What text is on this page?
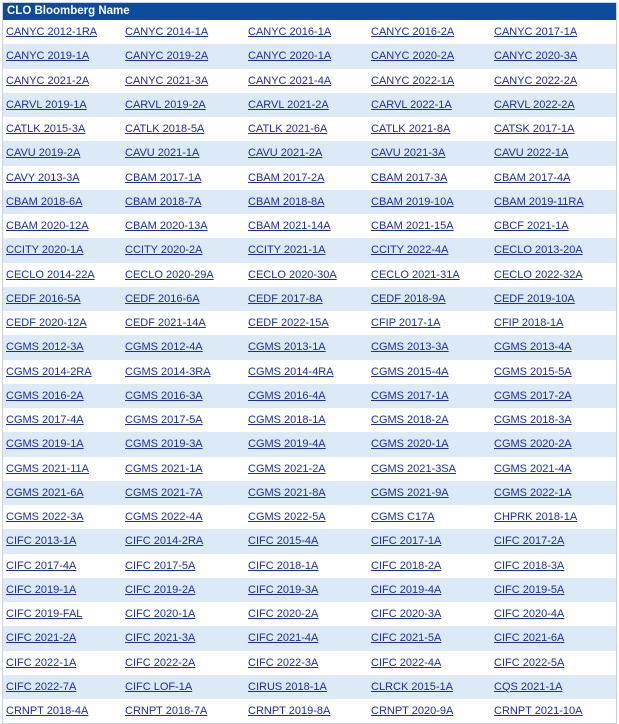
CLO Bloomberg Name
CANYC 2012-1RA	CANYC 2014-1A	CANYC 2016-1A	CANYC 2016-2A	CANYC 2017-1A
CANYC 2019-1A	CANYC 2019-2A	CANYC 2020-1A	CANYC 2020-2A	CANYC 2020-3A
CANYC 2021-2A	CANYC 2021-3A	CANYC 2021-4A	CANYC 2022-1A	CANYC 2022-2A
CARVL 2019-1A	CARVL 2019-2A	CARVL 2021-2A	CARVL 2022-1A	CARVL 2022-2A
CATLK 2015-3A	CATLK 2018-5A	CATLK 2021-6A	CATLK 2021-8A	CATSK 2017-1A
CAVU 2019-2A	CAVU 2021-1A	CAVU 2021-2A	CAVU 2021-3A	CAVU 2022-1A
CAVY 2013-3A	CBAM 2017-1A	CBAM 2017-2A	CBAM 2017-3A	CBAM 2017-4A
CBAM 2018-6A	CBAM 2018-7A	CBAM 2018-8A	CBAM 2019-10A	CBAM 2019-11RA
CBAM 2020-12A	CBAM 2020-13A	CBAM 2021-14A	CBAM 2021-15A	CBCF 2021-1A
CCITY 2020-1A	CCITY 2020-2A	CCITY 2021-1A	CCITY 2022-4A	CECLO 2013-20A
CECLO 2014-22A	CECLO 2020-29A	CECLO 2020-30A	CECLO 2021-31A	CECLO 2022-32A
CEDF 2016-5A	CEDF 2016-6A	CEDF 2017-8A	CEDF 2018-9A	CEDF 2019-10A
CEDF 2020-12A	CEDF 2021-14A	CEDF 2022-15A	CFIP 2017-1A	CFIP 2018-1A
CGMS 2012-3A	CGMS 2012-4A	CGMS 2013-1A	CGMS 2013-3A	CGMS 2013-4A
CGMS 2014-2RA	CGMS 2014-3RA	CGMS 2014-4RA	CGMS 2015-4A	CGMS 2015-5A
CGMS 2016-2A	CGMS 2016-3A	CGMS 2016-4A	CGMS 2017-1A	CGMS 2017-2A
CGMS 2017-4A	CGMS 2017-5A	CGMS 2018-1A	CGMS 2018-2A	CGMS 2018-3A
CGMS 2019-1A	CGMS 2019-3A	CGMS 2019-4A	CGMS 2020-1A	CGMS 2020-2A
CGMS 2021-11A	CGMS 2021-1A	CGMS 2021-2A	CGMS 2021-3SA	CGMS 2021-4A
CGMS 2021-6A	CGMS 2021-7A	CGMS 2021-8A	CGMS 2021-9A	CGMS 2022-1A
CGMS 2022-3A	CGMS 2022-4A	CGMS 2022-5A	CGMS C17A	CHPRK 2018-1A
CIFC 2013-1A	CIFC 2014-2RA	CIFC 2015-4A	CIFC 2017-1A	CIFC 2017-2A
CIFC 2017-4A	CIFC 2017-5A	CIFC 2018-1A	CIFC 2018-2A	CIFC 2018-3A
CIFC 2019-1A	CIFC 2019-2A	CIFC 2019-3A	CIFC 2019-4A	CIFC 2019-5A
CIFC 2019-FAL	CIFC 2020-1A	CIFC 2020-2A	CIFC 2020-3A	CIFC 2020-4A
CIFC 2021-2A	CIFC 2021-3A	CIFC 2021-4A	CIFC 2021-5A	CIFC 2021-6A
CIFC 2022-1A	CIFC 2022-2A	CIFC 2022-3A	CIFC 2022-4A	CIFC 2022-5A
CIFC 2022-7A	CIFC LOF-1A	CIRUS 2018-1A	CLRCK 2015-1A	CQS 2021-1A
CRNPT 2018-4A	CRNPT 2018-7A	CRNPT 2019-8A	CRNPT 2020-9A	CRNPT 2021-10A
